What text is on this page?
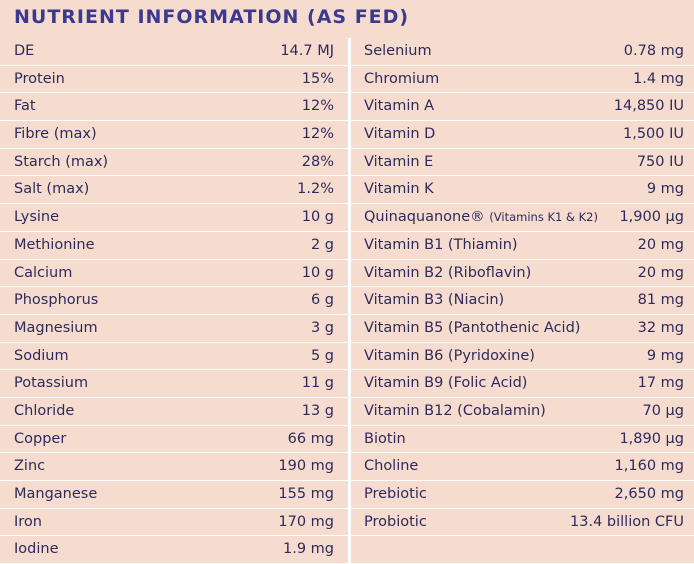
NUTRIENT INFORMATION (AS FED)
DE	14.7 MJ
Protein	15%
Fat	12%
Fibre (max)	12%
Starch (max)	28%
Salt (max)	1.2%
Lysine	10 g
Methionine	2 g
Calcium	10 g
Phosphorus	6 g
Magnesium	3 g
Sodium	5 g
Potassium	11 g
Chloride	13 g
Copper	66 mg
Zinc	190 mg
Manganese	155 mg
Iron	170 mg
Iodine	1.9 mg
Selenium	0.78 mg
Chromium	1.4 mg
Vitamin A	14,850 IU
Vitamin D	1,500 IU
Vitamin E	750 IU
Vitamin K	9 mg
Quinaquanone® (Vitamins K1 & K2) 1,900 µg
Vitamin B1 (Thiamin)	20 mg
Vitamin B2 (Riboflavin)	20 mg
Vitamin B3 (Niacin)	81 mg
Vitamin B5 (Pantothenic Acid)	32 mg
Vitamin B6 (Pyridoxine)	9 mg
Vitamin B9 (Folic Acid)	17 mg
Vitamin B12 (Cobalamin)	70 µg
Biotin	1,890 µg
Choline	1,160 mg
Prebiotic	2,650 mg
Probiotic	13.4 billion CFU
